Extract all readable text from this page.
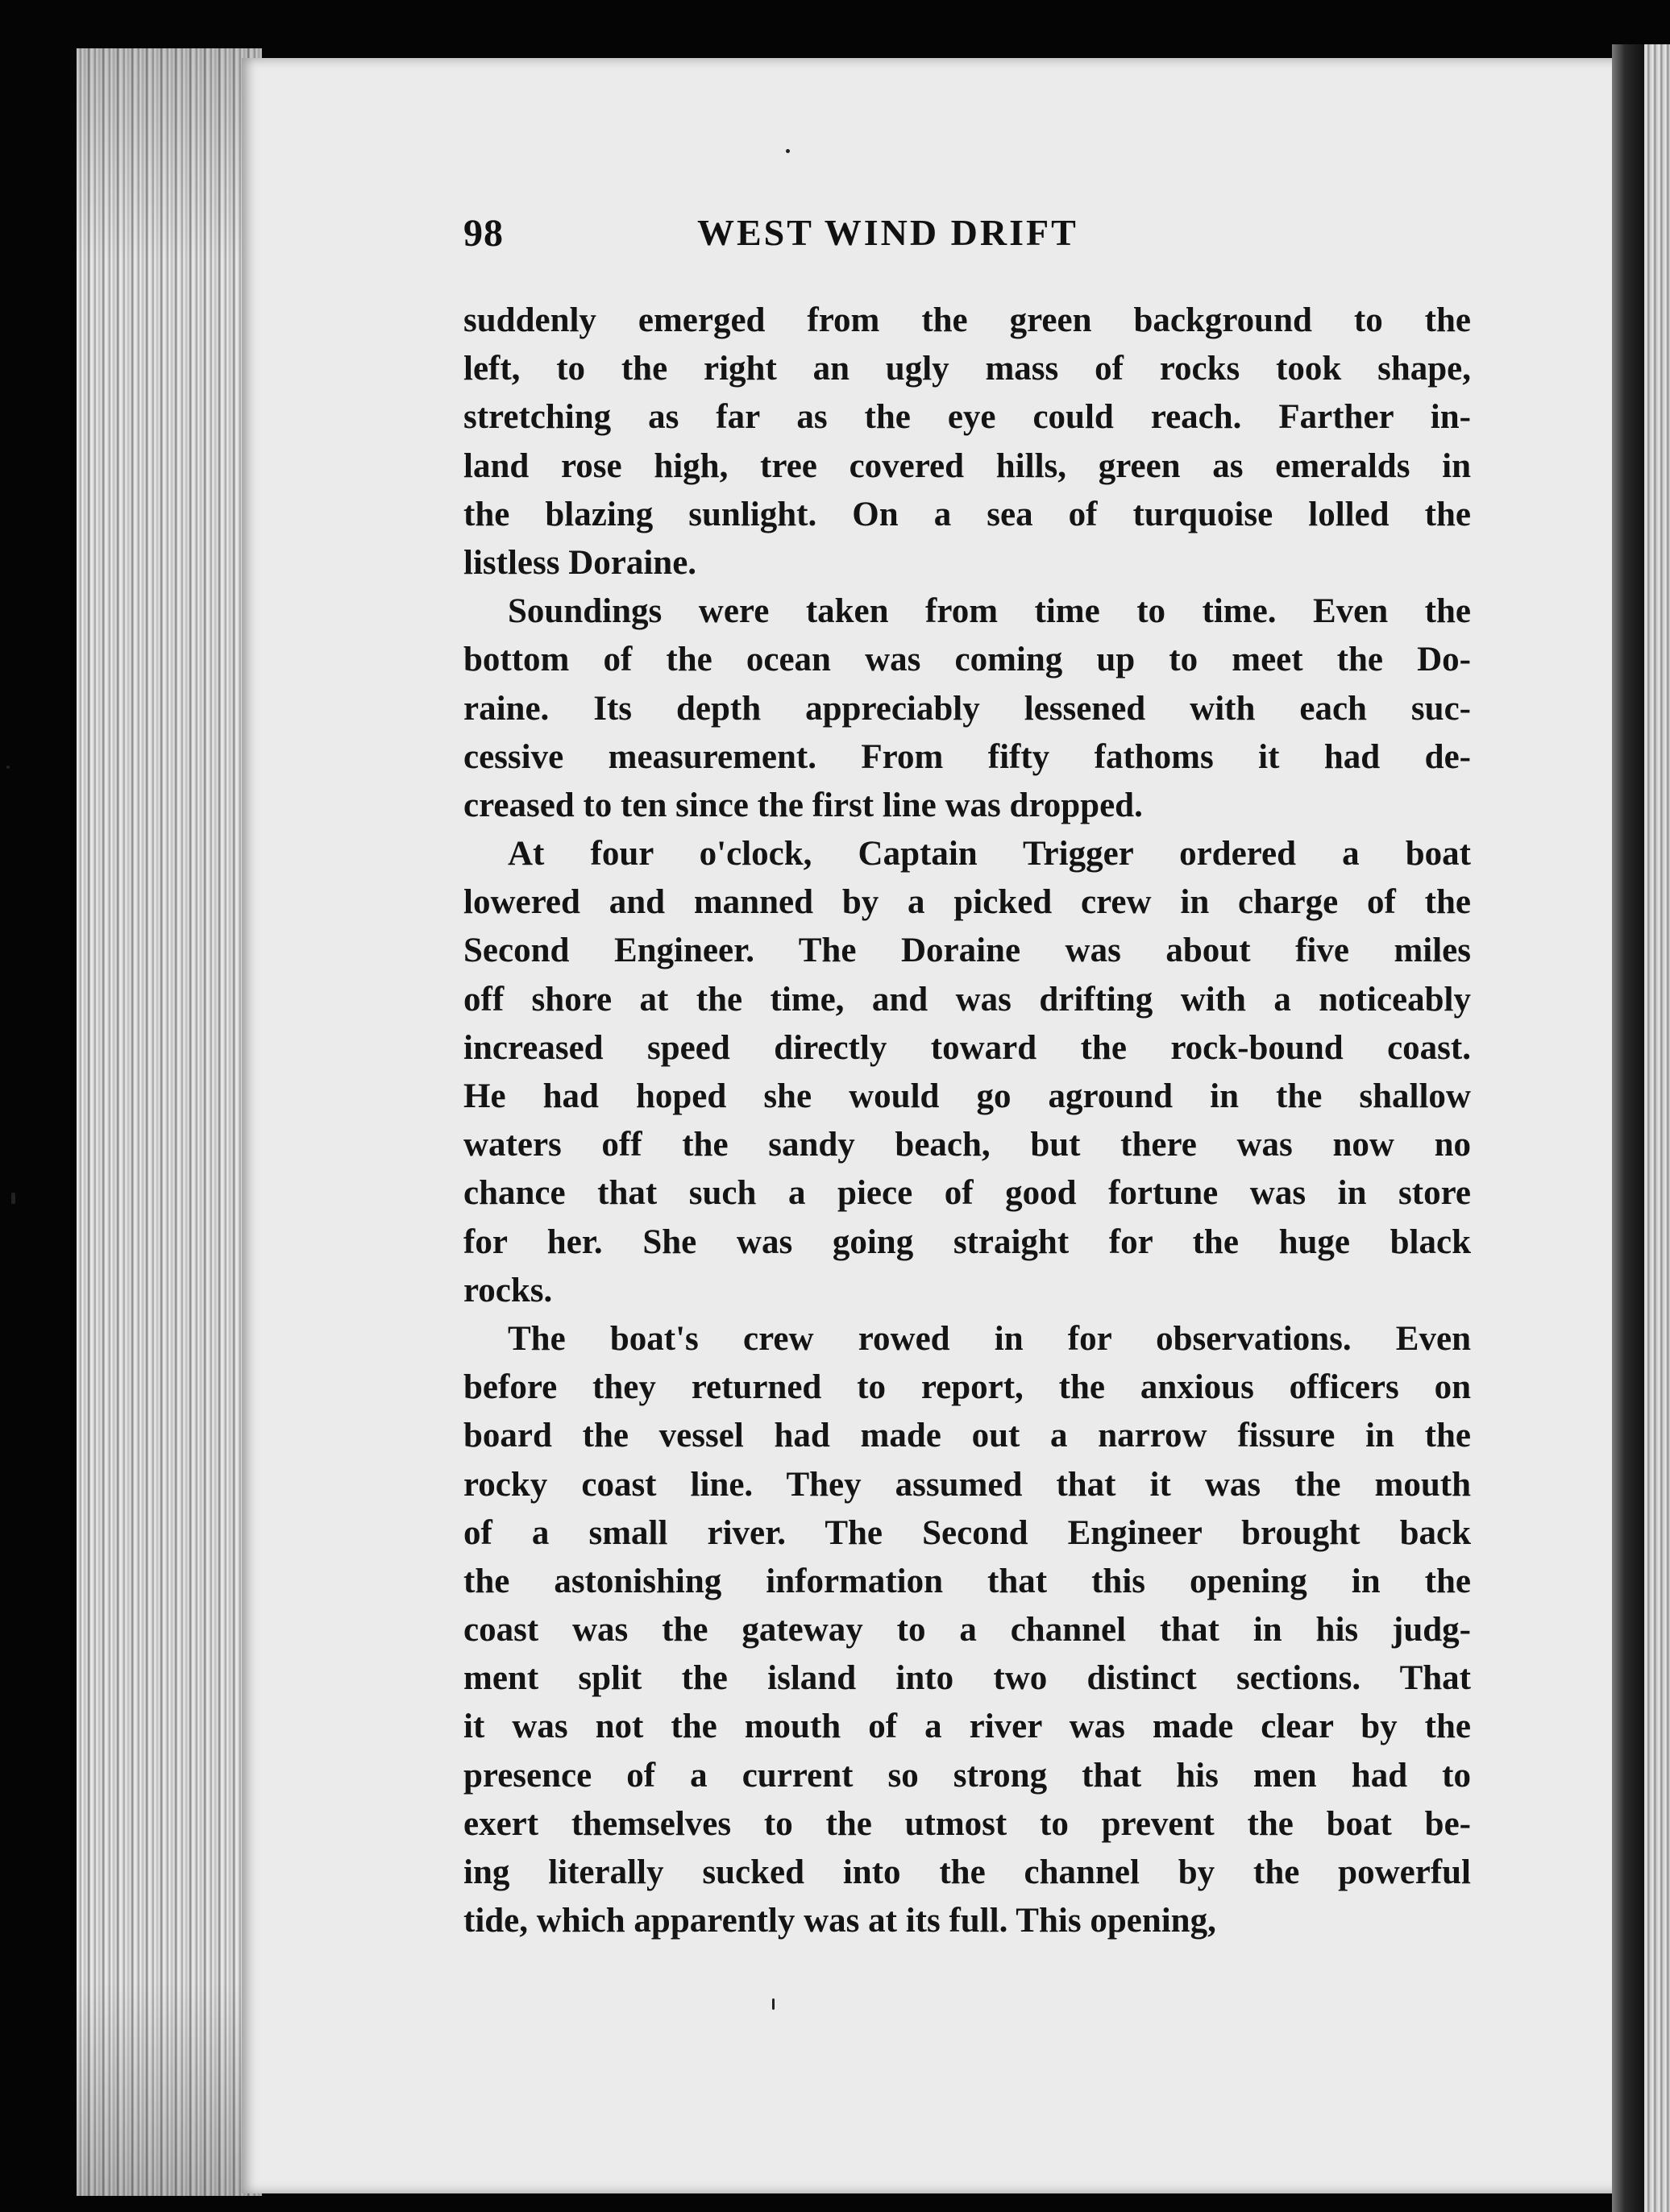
98	WEST WIND DRIFT
suddenly emerged from the green background to the
left, to the right an ugly mass of rocks took shape,
stretching as far as the eye could reach. Farther in-
land rose high, tree covered hills, green as emeralds in
the blazing sunlight. On a sea of turquoise lolled the
listless Doraine.
Soundings were taken from time to time. Even the
bottom of the ocean was coming up to meet the Do-
raine. Its depth appreciably lessened with each suc-
cessive measurement. From fifty fathoms it had de-
creased to ten since the first line was dropped.
At four o'clock, Captain Trigger ordered a boat
lowered and manned by a picked crew in charge of the
Second Engineer. The Doraine was about five miles
off shore at the time, and was drifting with a noticeably
increased speed directly toward the rock-bound coast.
He had hoped she would go aground in the shallow
waters off the sandy beach, but there was now no
chance that such a piece of good fortune was in store
for her. She was going straight for the huge black
rocks.
The boat's crew rowed in for observations. Even
before they returned to report, the anxious officers on
board the vessel had made out a narrow fissure in the
rocky coast line. They assumed that it was the mouth
of a small river. The Second Engineer brought back
the astonishing information that this opening in the
coast was the gateway to a channel that in his judg-
ment split the island into two distinct sections. That
it was not the mouth of a river was made clear by the
presence of a current so strong that his men had to
exert themselves to the utmost to prevent the boat be-
ing literally sucked into the channel by the powerful
tide, which apparently was at its full. This opening,
